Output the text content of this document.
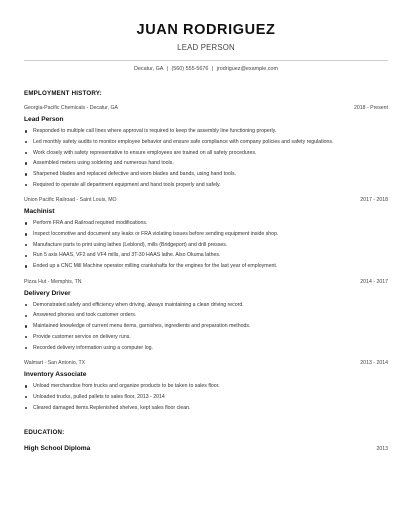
JUAN RODRIGUEZ
LEAD PERSON
Decatur, GA | (560) 555-5676 | jrodriguez@example.com
EMPLOYMENT HISTORY:
Georgia-Pacific Chemicals - Decatur, GA	2018 - Present
Lead Person
Responded to multiple call lines where approval is required to keep the assembly line functioning properly.
Led monthly safety audits to monitor employee behavior and ensure safe compliance with company policies and safety regulations.
Work closely with safety representative to ensure employees are trained on all safety procedures.
Assembled meters using soldering and numerous hand tools.
Sharpened blades and replaced defective and worn blades and bands, using hand tools.
Required to operate all department equipment and hand tools properly and safely.
Union Pacific Railroad - Saint Louis, MO	2017 - 2018
Machinist
Perform FRA and Railroad required modifications.
Inspect locomotive and document any leaks or FRA violating issues before sending equipment inside shop.
Manufacture parts to print using lathes (Leblond), mills (Bridgeport) and drill presses.
Run 5 axis HAAS, VF2 and VF4 mills, and 3T-30 HAAS lathe. Also Okuma lathes.
Ended up a CNC Mill Machine operator milling crankshafts for the engines for the last year of employment.
Pizza Hut - Memphis, TN	2014 - 2017
Delivery Driver
Demonstrated safety and efficiency when driving, always maintaining a clean driving record.
Answered phones and took customer orders.
Maintained knowledge of current menu items, garnishes, ingredients and preparation methods.
Provide customer service on delivery runs.
Recorded delivery information using a computer log.
Walmart - San Antonio, TX	2013 - 2014
Inventory Associate
Unload merchandise from trucks and organize products to be taken to sales floor.
Unloaded trucks, pulled pallets to sales floor, 2013 - 2014
Cleared damaged items.Replenished shelves, kept sales floor clean.
EDUCATION:
High School Diploma	2013
